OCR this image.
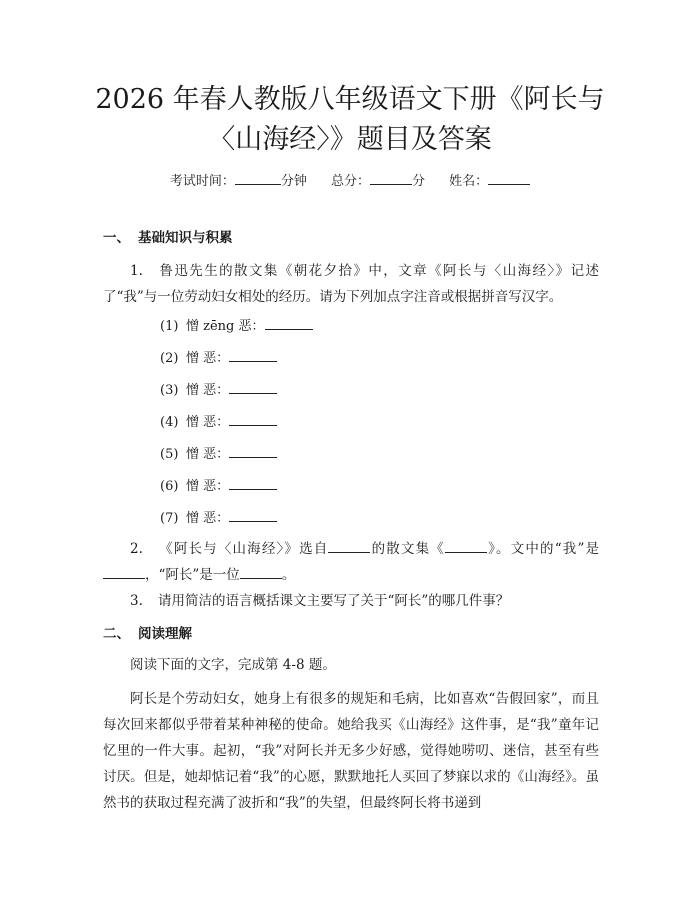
2026 年春人教版八年级语文下册《阿长与
〈山海经〉》题目及答案
考试时间：	分钟 总分：	分 姓名：
一、 基础知识与积累
1. 鲁迅先生的散文集《朝花夕拾》中，文章《阿长与〈山海经〉》记述了“我”与一位劳动妇女相处的经历。请为下列加点字注音或根据拼音写汉字。
(1) 憎 zēng 恶：
(2) 憎 恶：
(3) 憎 恶：
(4) 憎 恶：
(5) 憎 恶：
(6) 憎 恶：
(7) 憎 恶：
2. 《阿长与〈山海经〉》选自	的散文集《	》。文中的“我”是，“阿长”是一位	。
3. 请用简洁的语言概括课文主要写了关于“阿长”的哪几件事？
二、 阅读理解
阅读下面的文字，完成第 4-8 题。
阿长是个劳动妇女，她身上有很多的规矩和毛病，比如喜欢“告假回家”，而且每次回来都似乎带着某种神秘的使命。她给我买《山海经》这件事，是“我”童年记忆里的一件大事。起初，“我”对阿长并无多少好感，觉得她唠叨、迷信，甚至有些讨厌。但是，她却惦记着“我”的心愿，默默地托人买回了梦寐以求的《山海经》。虽然书的获取过程充满了波折和“我”的失望，但最终阿长将书递到
